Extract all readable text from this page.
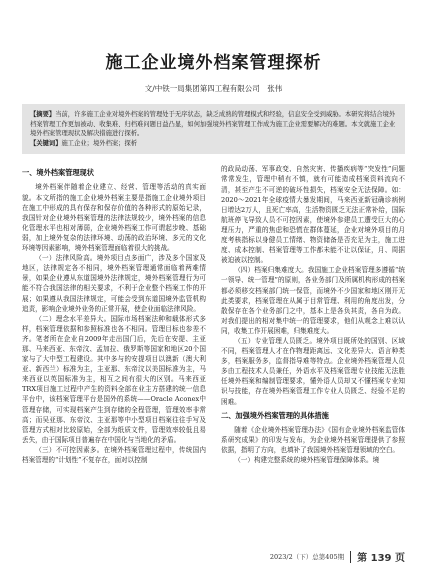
施工企业境外档案管理探析
文/中铁一局集团第四工程有限公司　张伟
【摘要】当前，许多施工企业对境外档案的管理处于无序状态，缺乏成熟的管理模式和经验，信息安全受到威胁。本研究将结合境外档案管理工作更加被动、收集难、归档难问题日益凸显，如何加强境外档案管理工作成为施工企业需要解决的难题。本文就施工企业境外档案管理现状及解决措施进行探析。
【关键词】施工企业；境外档案；探析
一、境外档案管理现状

境外档案伴随着企业建立、经营、管理等活动的真实面貌。本文所指的施工企业境外档案主要是指施工企业境外项目在施工中形成的具有保存和保存价值的各种形式的原始记录，我国针对企业境外档案管理的法律法规较少，境外档案的信息化管理水平也相对薄弱，企业境外档案工作可谓起步晚、基础弱，加上境外复杂的法律环境、动荡的政治环境、多元的文化环境等因素影响，境外档案管理面临着很大的挑战。

（一）法律风险高。境外项目点多面广，涉及多个国家及地区，法律规定各不相同，境外档案管理通常面临着两难情景，如果企业遵从东道国境外法律规定，境外档案管理行为可能不符合我国法律的相关要求，不利于企业整个档案工作的开展；如果遵从我国法律规定，可能会受到东道国境外监管机构追责，影响企业境外业务的正常开展，使企业面临法律风险。

（二）理念水平差异大。国际市场档案法种和载体形式多样，档案管理依据和参照标准也各不相同。管理目标也参差不齐。笔者所在企业自2009年走出国门后，先后在安提、主亚那、马来西亚、东帝汶、孟加拉、俄罗斯等国家和地区20个国家与了大中型工程建设。其中多与的安提项目以澳新（澳大利亚、新西兰）标准为主，主亚那、东帝汶以美国标准为主，马来西亚以英国标准为主，相互之间有很大的区别。马来西亚TRX项目施工过程中产生的资料全部在业主方搭建的统一信息平台中，该档案管理平台是国外的系统——Oracle Aconex中管理存储，可实现档案产生到存储的全程管理，管理效率非常高；而吴亚那、东帝汶、主亚那等中小型项目档案往往手写及管理方式相对比较原始，全部为纸质文件，管理效率较低且易丢失，由于国际项目普遍存在中国化与当地化的矛盾。

（三）不可控因素多。在境外档案管理过程中，传统国内档案管理的“计划性”不复存在，面对以控制

的政局动荡、军事政变、自然灾害、传播疾病等“突发性”问题常常发生，管理中稍有不慎，就有可能造成档案资料流向不清，甚至产生不可逆的破坏性损失，档案安全无法保障。如：2020～2021年全球疫情大暴发期间，马来西亚新冠确诊病例日增达2万人，且死亡率高，生活物资匮乏无法正常补给，国际航班停飞导致人员不可控因素，使境外参建员工遭受巨大的心理压力，严重的焦虑和恐慌在群体蔓延，企业对境外项目的月度考核指标以身健员工情绪、物资储备是否充足为主，施工进度、成本控制、档案管理等工作都未能不让以保证，月、周据被迫被以控制。

（四）档案归集难度大。我国施工企业档案管理多遵循“统一领导、统一管理”的原则，各业务部门及所属机构形成的档案都必须移交档案部门统一保管，而境外不少国家和地区刚开无此类要求，档案管理在从属于目常管理、利用的角度出发，分散保存在各个业务部门之中，基本上是各负其责，各自为政。对我们提出的相对集中统一的管理要求，他们从观念上难以认同，收集工作开展困难，归集难度大。

（五）专业管理人员匮乏。境外项目既所处的国别、区域不同，档案管理人才在作物理距离远、文化差异大、语言种类多，档案服务多，监督指导难等特点。企业境外档案管理人员多由工程技术人员兼任，外语水平及档案管理专业技能无法胜任境外档案和编制管理要求，懂外语人员却又不懂档案专业知识与技能，存在境外档案管理工作专业人员匮乏、经验不足的困难。

二、加强境外档案管理的具体措施

随着《企业境外档案管理办法》《国有企业境外档案监管体系研究成果》的印发与发布，为企业境外档案管理提供了参照依据，指明了方向，也填补了我国境外档案管理领域的空白。

（一）构建完整系统的境外档案管理保障体系。境

2023/2（下）总第405期 第 139 页
